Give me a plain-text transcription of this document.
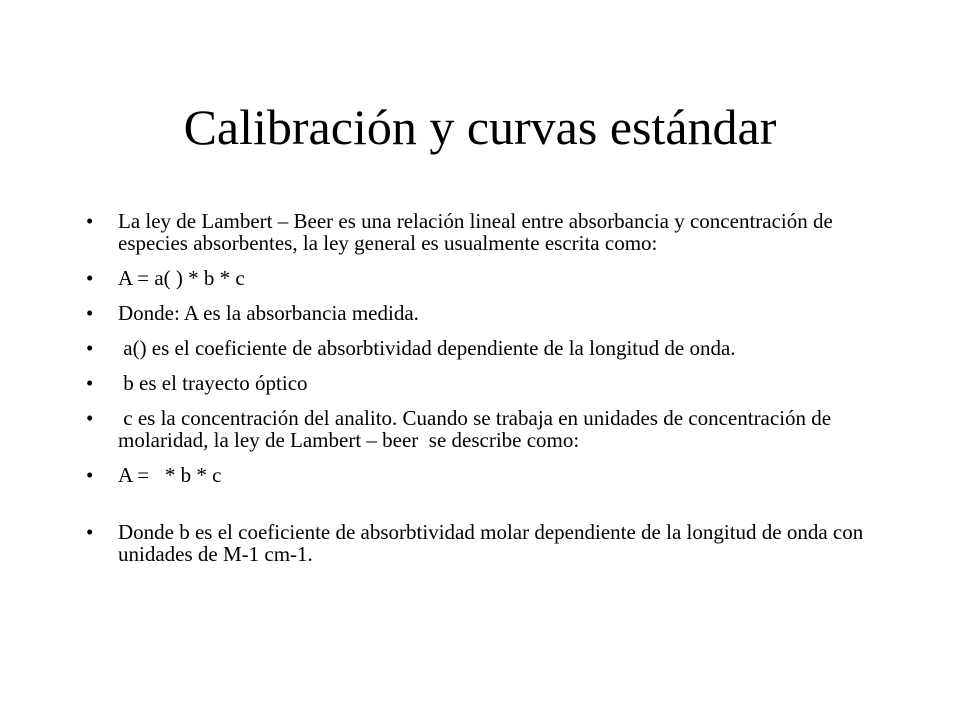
Calibración y curvas estándar
• La ley de Lambert – Beer es una relación lineal entre absorbancia y concentración de especies absorbentes, la ley general es usualmente escrita como:
• A = a( ) * b * c
• Donde: A es la absorbancia medida.
• a() es el coeficiente de absorbtividad dependiente de la longitud de onda.
• b es el trayecto óptico
• c es la concentración del analito. Cuando se trabaja en unidades de concentración de molaridad, la ley de Lambert – beer  se describe como:
• A =   * b * c
• Donde b es el coeficiente de absorbtividad molar dependiente de la longitud de onda con unidades de M-1 cm-1.
